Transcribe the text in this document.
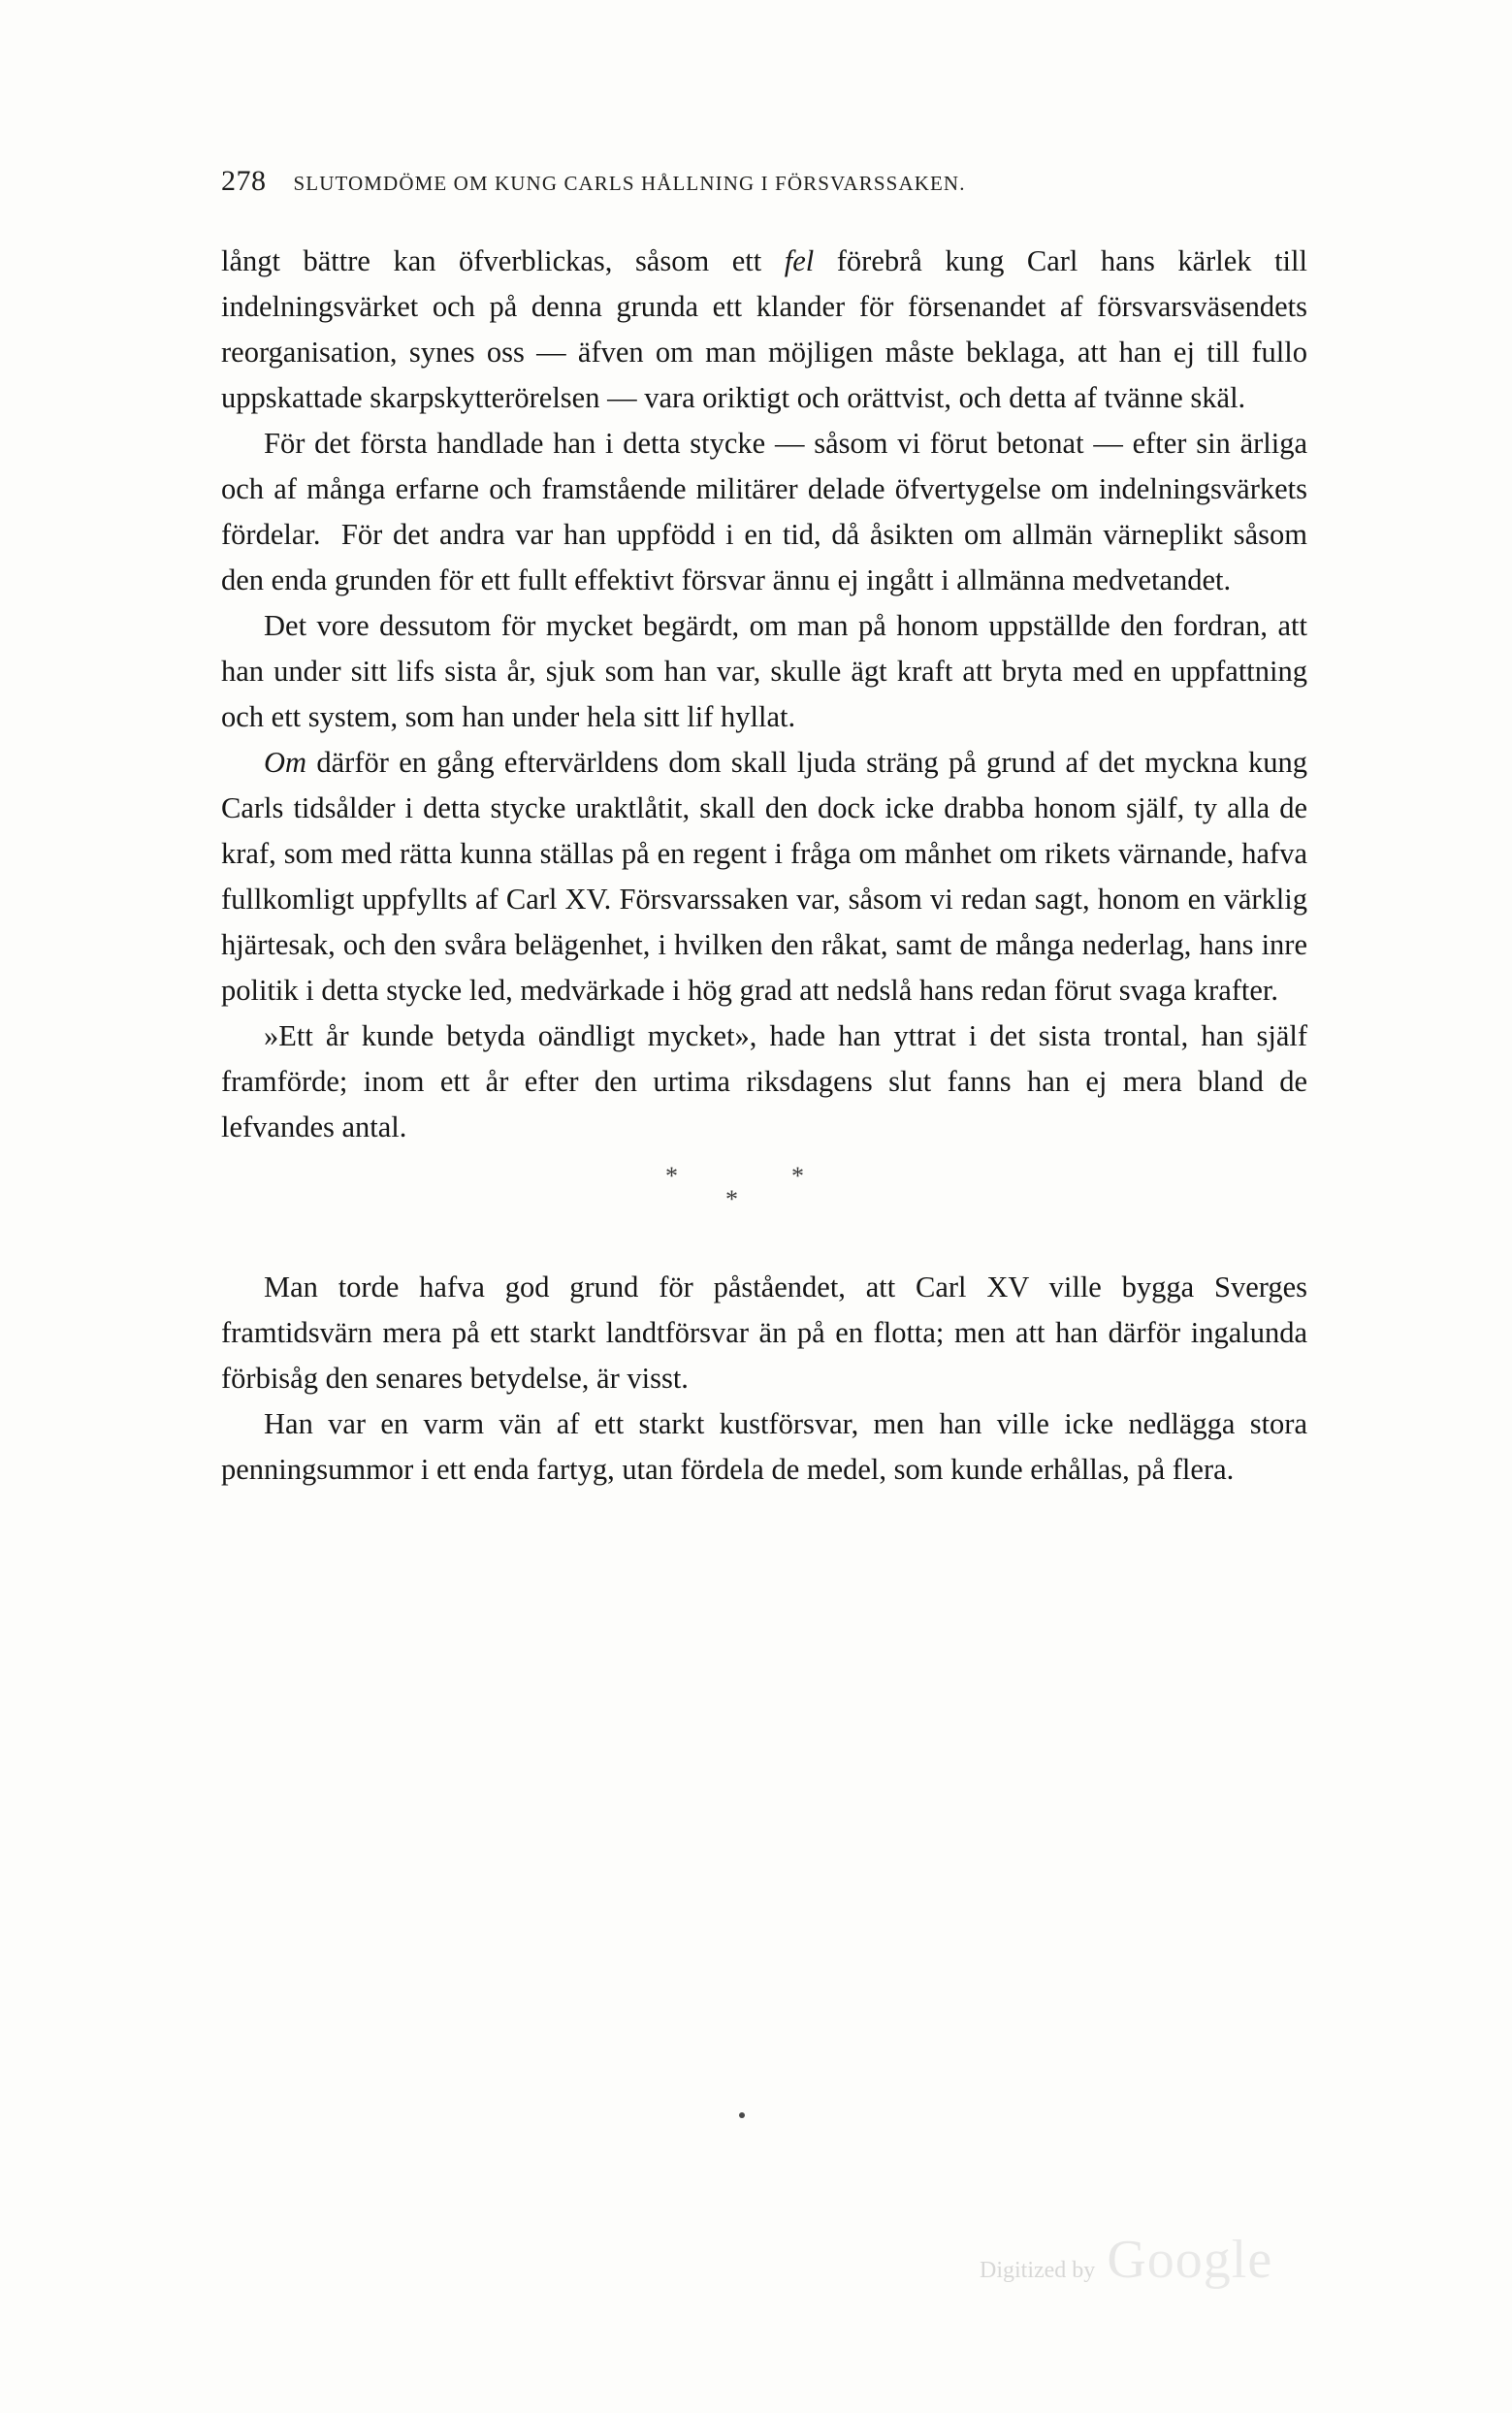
278 SLUTOMDÖME OM KUNG CARLS HÅLLNING I FÖRSVARSSAKEN.

långt bättre kan öfverblickas, såsom ett fel förebrå kung Carl hans kärlek till indelningsvärket och på denna grunda ett klander för försenandet af försvarsväsendets reorganisation, synes oss — äfven om man möjligen måste beklaga, att han ej till fullo uppskattade skarpskytterörelsen — vara oriktigt och orättvist, och detta af tvänne skäl.

För det första handlade han i detta stycke — såsom vi förut betonat — efter sin ärliga och af många erfarne och framstående militärer delade öfvertygelse om indelningsvärkets fördelar.  För det andra var han uppfödd i en tid, då åsikten om allmän värneplikt såsom den enda grunden för ett fullt effektivt försvar ännu ej ingått i allmänna medvetandet.

Det vore dessutom för mycket begärdt, om man på honom uppställde den fordran, att han under sitt lifs sista år, sjuk som han var, skulle ägt kraft att bryta med en uppfattning och ett system, som han under hela sitt lif hyllat.

Om därför en gång eftervärldens dom skall ljuda sträng på grund af det myckna kung Carls tidsålder i detta stycke uraktlåtit, skall den dock icke drabba honom själf, ty alla de kraf, som med rätta kunna ställas på en regent i fråga om månhet om rikets värnande, hafva fullkomligt uppfyllts af Carl XV. Försvarssaken var, såsom vi redan sagt, honom en värklig hjärtesak, och den svåra belägenhet, i hvilken den råkat, samt de många nederlag, hans inre politik i detta stycke led, medvärkade i hög grad att nedslå hans redan förut svaga krafter.

»Ett år kunde betyda oändligt mycket», hade han yttrat i det sista trontal, han själf framförde; inom ett år efter den urtima riksdagens slut fanns han ej mera bland de lefvandes antal.

*
*
*

Man torde hafva god grund för påståendet, att Carl XV ville bygga Sverges framtidsvärn mera på ett starkt landtförsvar än på en flotta; men att han därför ingalunda förbisåg den senares betydelse, är visst.

Han var en varm vän af ett starkt kustförsvar, men han ville icke nedlägga stora penningsummor i ett enda fartyg, utan fördela de medel, som kunde erhållas, på flera.

Digitized by Google
